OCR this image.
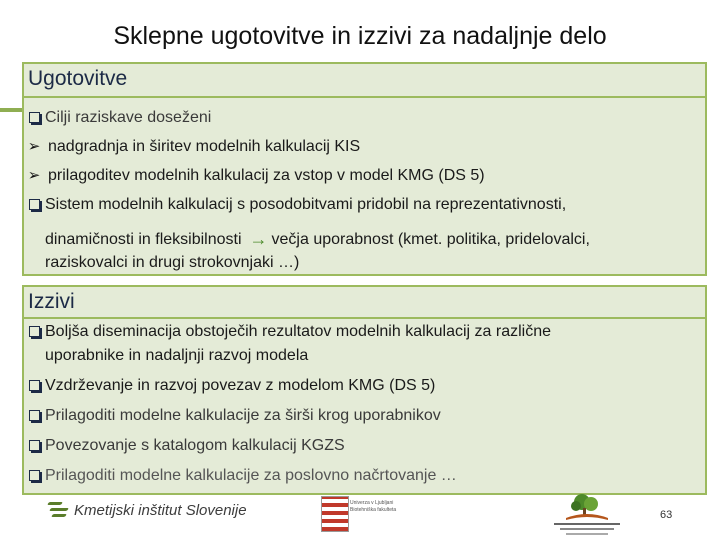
Sklepne ugotovitve in izzivi za nadaljnje delo
Ugotovitve
Cilji raziskave doseženi
➢ nadgradnja in širitev modelnih kalkulacij KIS
➢ prilagoditev modelnih kalkulacij za vstop v model KMG (DS 5)
Sistem modelnih kalkulacij s posodobitvami pridobil na reprezentativnosti,
dinamičnosti in fleksibilnosti → večja uporabnost (kmet. politika, pridelovalci,
raziskovalci in drugi strokovnjaki …)
Izzivi
Boljša diseminacija obstoječih rezultatov modelnih kalkulacij za različne
uporabnike in nadaljnji razvoj modela
Vzdrževanje in razvoj povezav z modelom KMG (DS 5)
Prilagoditi modelne kalkulacije za širši krog uporabnikov
Povezovanje s katalogom kalkulacij KGZS
Prilagoditi modelne kalkulacije za poslovno načrtovanje …
Kmetijski inštitut Slovenije	Univerza v Ljubljani
Biotehniška fakulteta	63
